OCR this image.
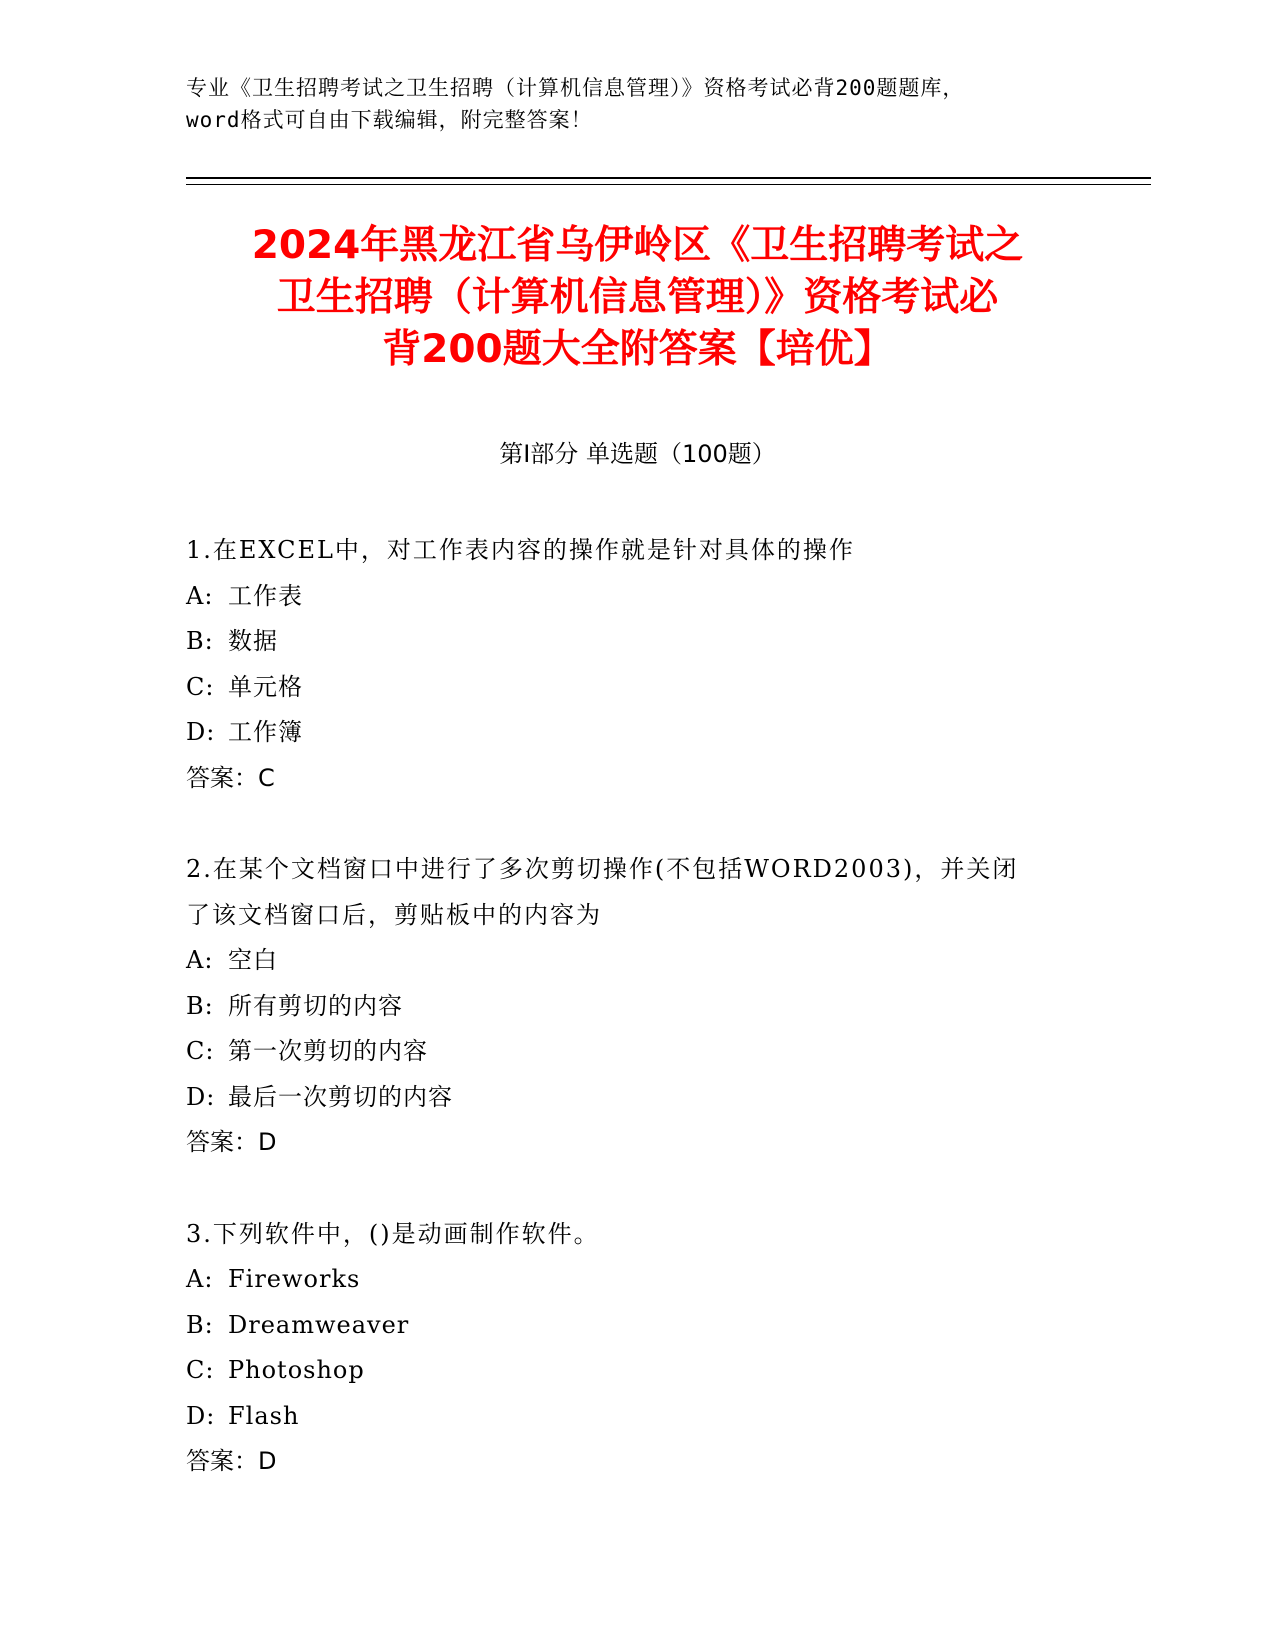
专业《卫生招聘考试之卫生招聘（计算机信息管理）》资格考试必背200题题库，
word格式可自由下载编辑，附完整答案！
2024年黑龙江省乌伊岭区《卫生招聘考试之
卫生招聘（计算机信息管理）》资格考试必
背200题大全附答案【培优】
第Ⅰ部分 单选题（100题）
1.在EXCEL中，对工作表内容的操作就是针对具体的操作
A: 工作表
B: 数据
C: 单元格
D: 工作簿
答案：C
2.在某个文档窗口中进行了多次剪切操作(不包括WORD2003)，并关闭
了该文档窗口后，剪贴板中的内容为
A: 空白
B: 所有剪切的内容
C: 第一次剪切的内容
D: 最后一次剪切的内容
答案：D
3.下列软件中，()是动画制作软件。
A: Fireworks
B: Dreamweaver
C: Photoshop
D: Flash
答案：D
